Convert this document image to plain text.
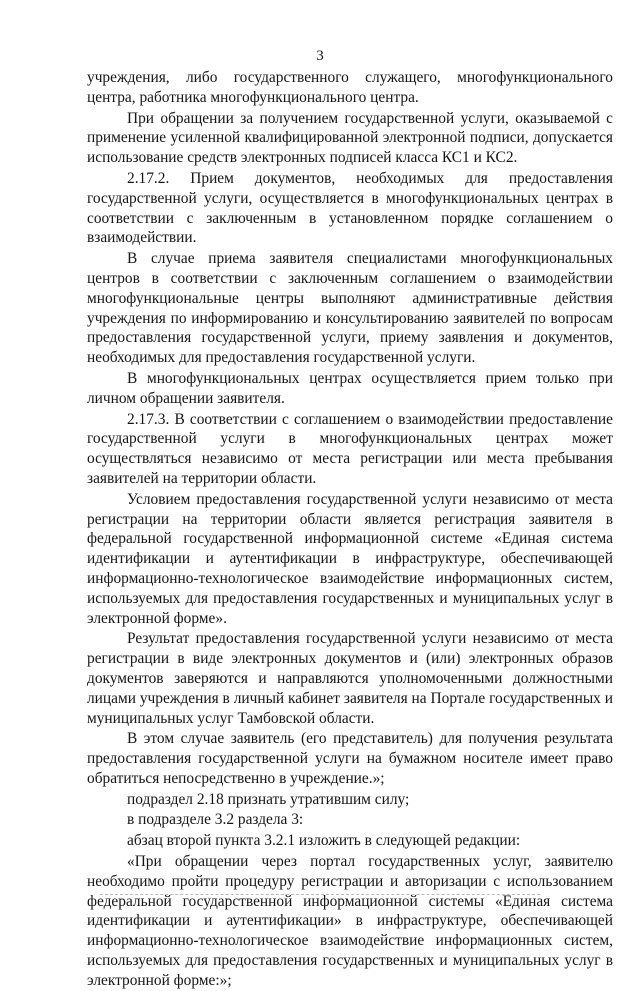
3

учреждения, либо государственного служащего, многофункционального центра, работника многофункционального центра.

При обращении за получением государственной услуги, оказываемой с применение усиленной квалифицированной электронной подписи, допускается использование средств электронных подписей класса КС1 и КС2.

2.17.2. Прием документов, необходимых для предоставления государственной услуги, осуществляется в многофункциональных центрах в соответствии с заключенным в установленном порядке соглашением о взаимодействии.

В случае приема заявителя специалистами многофункциональных центров в соответствии с заключенным соглашением о взаимодействии многофункциональные центры выполняют административные действия учреждения по информированию и консультированию заявителей по вопросам предоставления государственной услуги, приему заявления и документов, необходимых для предоставления государственной услуги.

В многофункциональных центрах осуществляется прием только при личном обращении заявителя.

2.17.3. В соответствии с соглашением о взаимодействии предоставление государственной услуги в многофункциональных центрах может осуществляться независимо от места регистрации или места пребывания заявителей на территории области.

Условием предоставления государственной услуги независимо от места регистрации на территории области является регистрация заявителя в федеральной государственной информационной системе «Единая система идентификации и аутентификации в инфраструктуре, обеспечивающей информационно-технологическое взаимодействие информационных систем, используемых для предоставления государственных и муниципальных услуг в электронной форме».

Результат предоставления государственной услуги независимо от места регистрации в виде электронных документов и (или) электронных образов документов заверяются и направляются уполномоченными должностными лицами учреждения в личный кабинет заявителя на Портале государственных и муниципальных услуг Тамбовской области.

В этом случае заявитель (его представитель) для получения результата предоставления государственной услуги на бумажном носителе имеет право обратиться непосредственно в учреждение.»;

подраздел 2.18 признать утратившим силу;

в подразделе 3.2 раздела 3:

абзац второй пункта 3.2.1 изложить в следующей редакции:

«При обращении через портал государственных услуг, заявителю необходимо пройти процедуру регистрации и авторизации с использованием федеральной государственной информационной системы «Единая система идентификации и аутентификации» в инфраструктуре, обеспечивающей информационно-технологическое взаимодействие информационных систем, используемых для предоставления государственных и муниципальных услуг в электронной форме:»;
